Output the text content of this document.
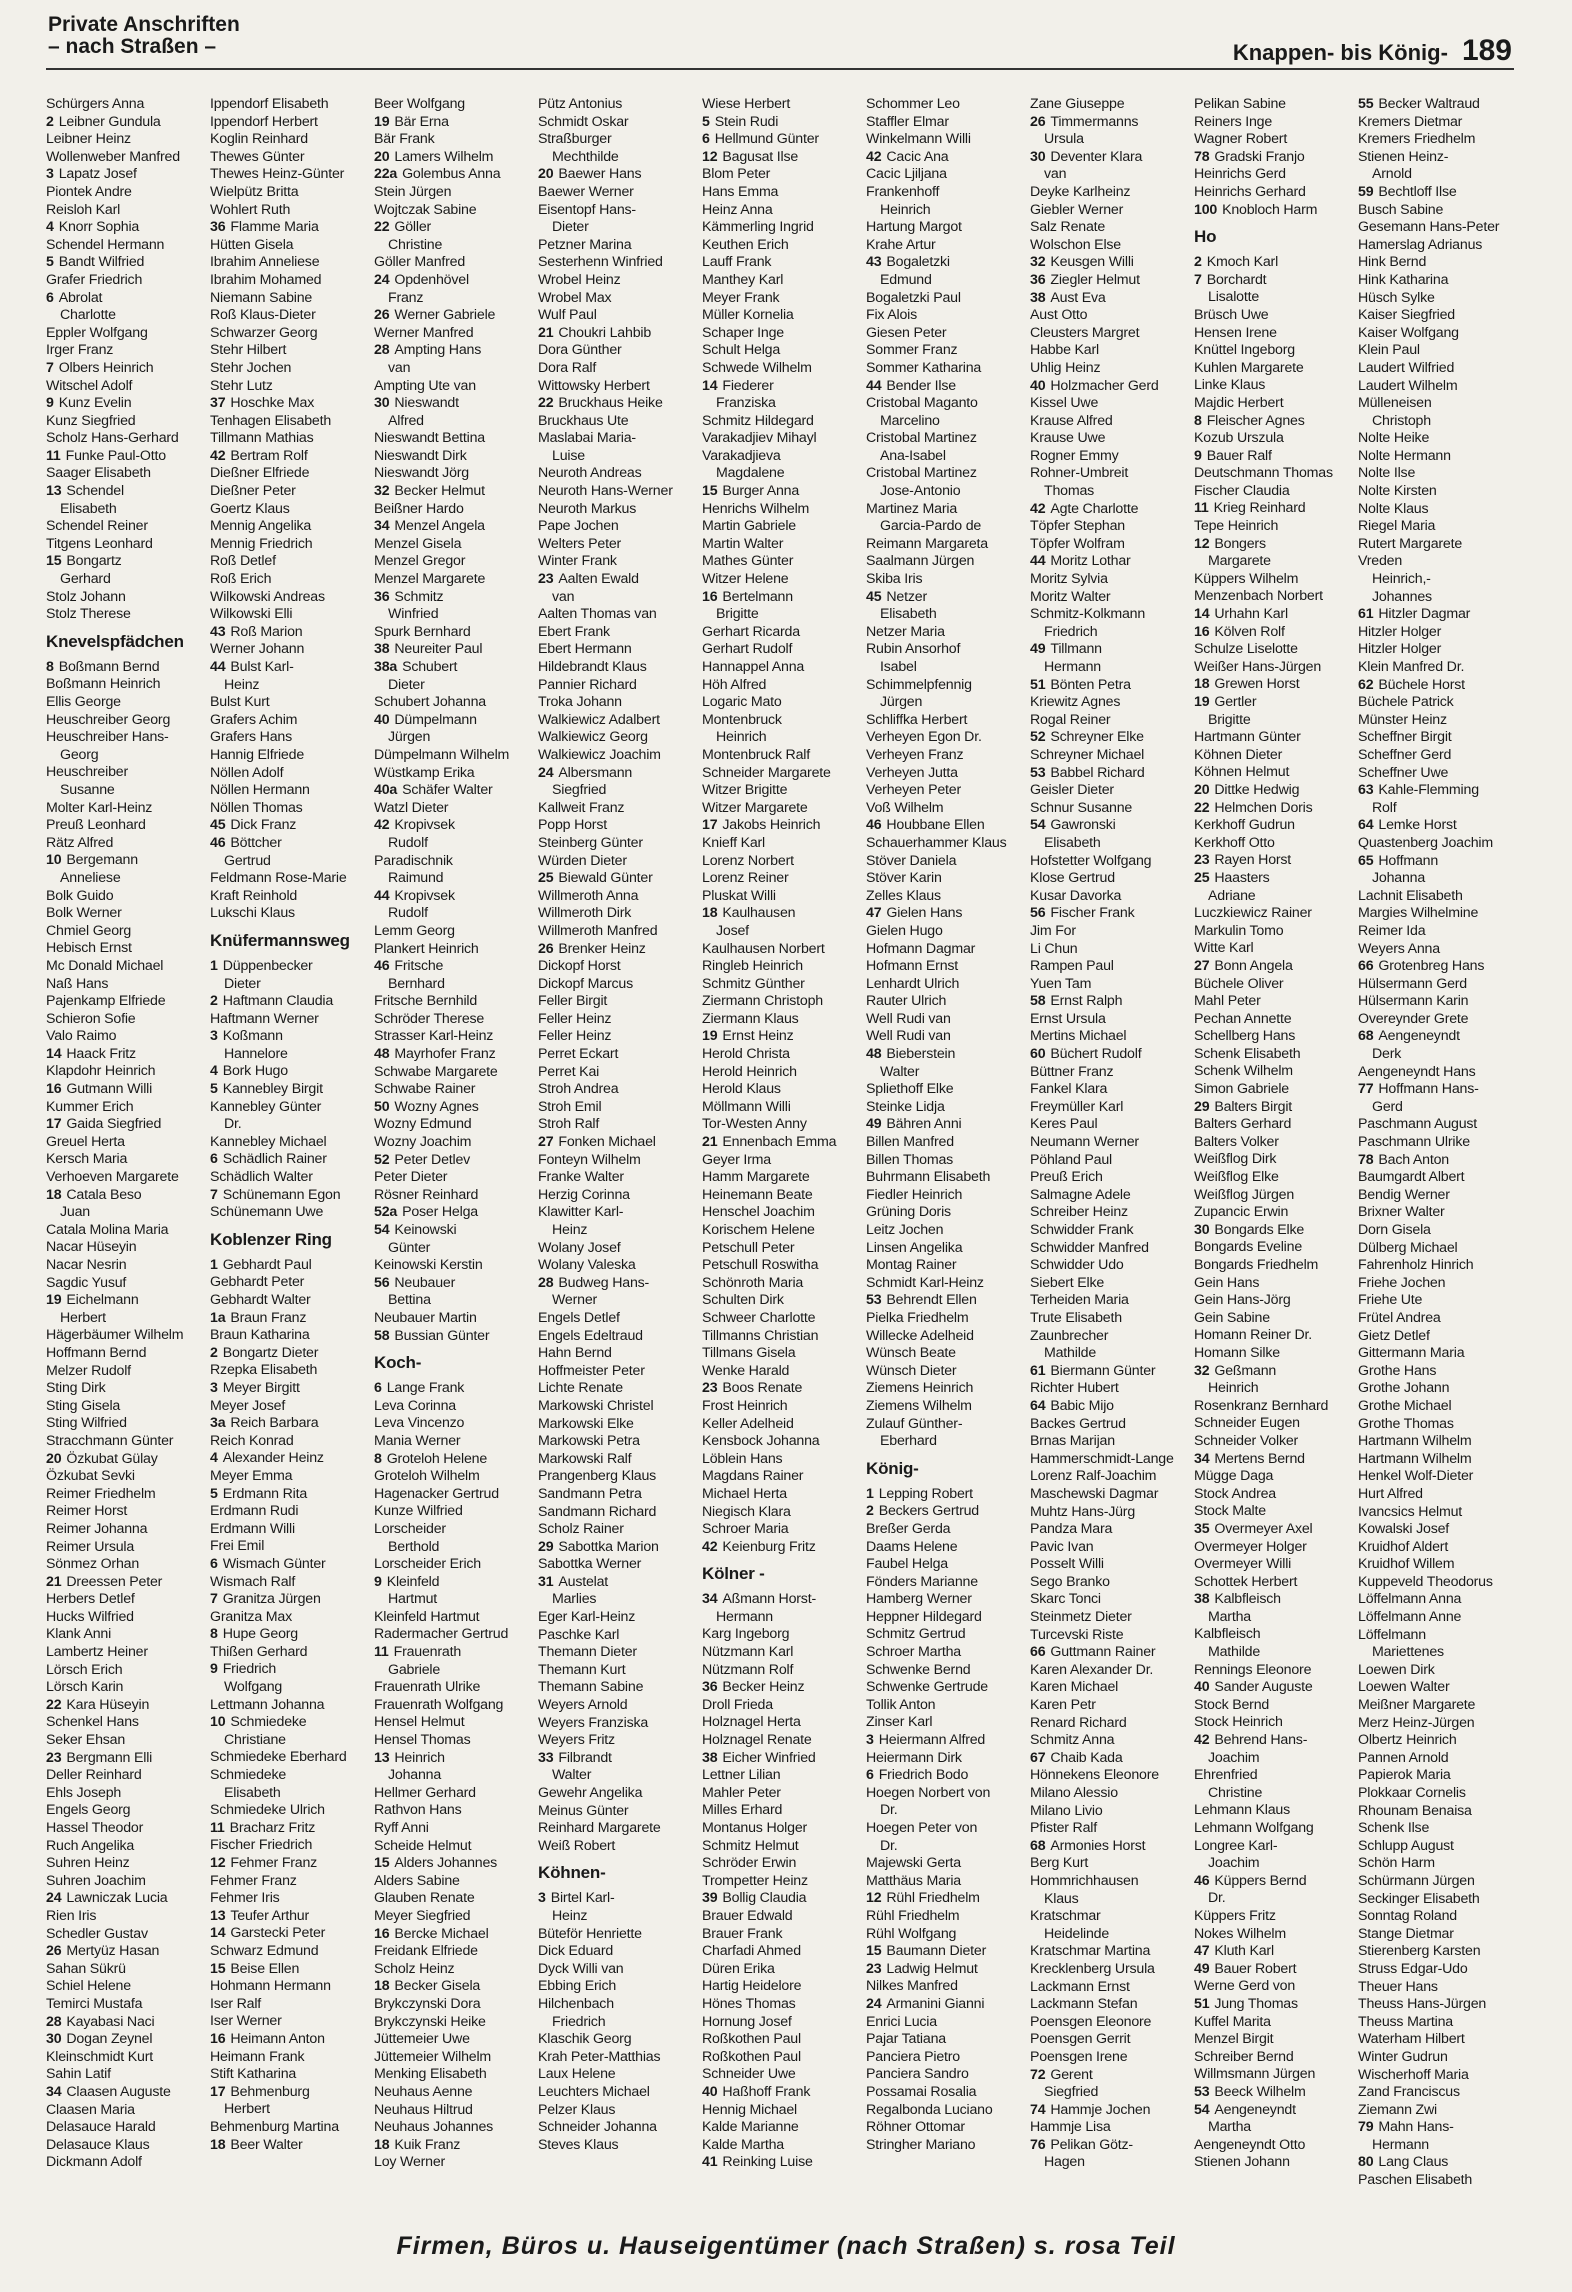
Private Anschriften
– nach Straßen –	Knappen- bis König- 189
Schürgers Anna
2 Leibner Gundula
Leibner Heinz
Wollenweber Manfred
3 Lapatz Josef
Piontek Andre
Reisloh Karl
4 Knorr Sophia
Schendel Hermann
5 Bandt Wilfried
Grafer Friedrich
6 Abrolat
Charlotte
Eppler Wolfgang
Irger Franz
7 Olbers Heinrich
Witschel Adolf
9 Kunz Evelin
Kunz Siegfried
Scholz Hans-Gerhard
11 Funke Paul-Otto
Saager Elisabeth
13 Schendel
Elisabeth
Schendel Reiner
Titgens Leonhard
15 Bongartz
Gerhard
Stolz Johann
Stolz Therese
Knevelspfädchen
8 Boßmann Bernd
Boßmann Heinrich
Ellis George
Heuschreiber Georg
Heuschreiber Hans-
Georg
Heuschreiber
Susanne
Molter Karl-Heinz
Preuß Leonhard
Rätz Alfred
10 Bergemann
Anneliese
Bolk Guido
Bolk Werner
Chmiel Georg
Hebisch Ernst
Mc Donald Michael
Naß Hans
Pajenkamp Elfriede
Schieron Sofie
Valo Raimo
14 Haack Fritz
Klapdohr Heinrich
16 Gutmann Willi
Kummer Erich
17 Gaida Siegfried
Greuel Herta
Kersch Maria
Verhoeven Margarete
18 Catala Beso
Juan
Catala Molina Maria
Nacar Hüseyin
Nacar Nesrin
Sagdic Yusuf
19 Eichelmann
Herbert
Hägerbäumer Wilhelm
Hoffmann Bernd
Melzer Rudolf
Sting Dirk
Sting Gisela
Sting Wilfried
Stracchmann Günter
20 Özkubat Gülay
Özkubat Sevki
Reimer Friedhelm
Reimer Horst
Reimer Johanna
Reimer Ursula
Sönmez Orhan
21 Dreessen Peter
Herbers Detlef
Hucks Wilfried
Klank Anni
Lambertz Heiner
Lörsch Erich
Lörsch Karin
22 Kara Hüseyin
Schenkel Hans
Seker Ehsan
23 Bergmann Elli
Deller Reinhard
Ehls Joseph
Engels Georg
Hassel Theodor
Ruch Angelika
Suhren Heinz
Suhren Joachim
24 Lawniczak Lucia
Rien Iris
Schedler Gustav
26 Mertyüz Hasan
Sahan Sükrü
Schiel Helene
Temirci Mustafa
28 Kayabasi Naci
30 Dogan Zeynel
Kleinschmidt Kurt
Sahin Latif
34 Claasen Auguste
Claasen Maria
Delasauce Harald
Delasauce Klaus
Dickmann Adolf
Ippendorf Elisabeth
Ippendorf Herbert
Koglin Reinhard
Thewes Günter
Thewes Heinz-Günter
Wielpütz Britta
Wohlert Ruth
36 Flamme Maria
Hütten Gisela
Ibrahim Anneliese
Ibrahim Mohamed
Niemann Sabine
Roß Klaus-Dieter
Schwarzer Georg
Stehr Hilbert
Stehr Jochen
Stehr Lutz
37 Hoschke Max
Tenhagen Elisabeth
Tillmann Mathias
42 Bertram Rolf
Dießner Elfriede
Dießner Peter
Goertz Klaus
Mennig Angelika
Mennig Friedrich
Roß Detlef
Roß Erich
Wilkowski Andreas
Wilkowski Elli
43 Roß Marion
Werner Johann
44 Bulst Karl-
Heinz
Bulst Kurt
Grafers Achim
Grafers Hans
Hannig Elfriede
Nöllen Adolf
Nöllen Hermann
Nöllen Thomas
45 Dick Franz
46 Böttcher
Gertrud
Feldmann Rose-Marie
Kraft Reinhold
Lukschi Klaus
Knüfermannsweg
1 Düppenbecker
Dieter
2 Haftmann Claudia
Haftmann Werner
3 Koßmann
Hannelore
4 Bork Hugo
5 Kannebley Birgit
Kannebley Günter
Dr.
Kannebley Michael
6 Schädlich Rainer
Schädlich Walter
7 Schünemann Egon
Schünemann Uwe
Koblenzer Ring
1 Gebhardt Paul
Gebhardt Peter
Gebhardt Walter
1a Braun Franz
Braun Katharina
2 Bongartz Dieter
Rzepka Elisabeth
3 Meyer Birgitt
Meyer Josef
3a Reich Barbara
Reich Konrad
4 Alexander Heinz
Meyer Emma
5 Erdmann Rita
Erdmann Rudi
Erdmann Willi
Frei Emil
6 Wismach Günter
Wismach Ralf
7 Granitza Jürgen
Granitza Max
8 Hupe Georg
Thißen Gerhard
9 Friedrich
Wolfgang
Lettmann Johanna
10 Schmiedeke
Christiane
Schmiedeke Eberhard
Schmiedeke
Elisabeth
Schmiedeke Ulrich
11 Bracharz Fritz
Fischer Friedrich
12 Fehmer Franz
Fehmer Franz
Fehmer Iris
13 Teufer Arthur
14 Garstecki Peter
Schwarz Edmund
15 Beise Ellen
Hohmann Hermann
Iser Ralf
Iser Werner
16 Heimann Anton
Heimann Frank
Stift Katharina
17 Behmenburg
Herbert
Behmenburg Martina
18 Beer Walter
Beer Wolfgang
19 Bär Erna
Bär Frank
20 Lamers Wilhelm
22a Golembus Anna
Stein Jürgen
Wojtczak Sabine
22 Göller
Christine
Göller Manfred
24 Opdenhövel
Franz
26 Werner Gabriele
Werner Manfred
28 Ampting Hans
van
Ampting Ute van
30 Nieswandt
Alfred
Nieswandt Bettina
Nieswandt Dirk
Nieswandt Jörg
32 Becker Helmut
Beißner Hardo
34 Menzel Angela
Menzel Gisela
Menzel Gregor
Menzel Margarete
36 Schmitz
Winfried
Spurk Bernhard
38 Neureiter Paul
38a Schubert
Dieter
Schubert Johanna
40 Dümpelmann
Jürgen
Dümpelmann Wilhelm
Wüstkamp Erika
40a Schäfer Walter
Watzl Dieter
42 Kropivsek
Rudolf
Paradischnik
Raimund
44 Kropivsek
Rudolf
Lemm Georg
Plankert Heinrich
46 Fritsche
Bernhard
Fritsche Bernhild
Schröder Therese
Strasser Karl-Heinz
48 Mayrhofer Franz
Schwabe Margarete
Schwabe Rainer
50 Wozny Agnes
Wozny Edmund
Wozny Joachim
52 Peter Detlev
Peter Dieter
Rösner Reinhard
52a Poser Helga
54 Keinowski
Günter
Keinowski Kerstin
56 Neubauer
Bettina
Neubauer Martin
58 Bussian Günter
Koch-
6 Lange Frank
Leva Corinna
Leva Vincenzo
Mania Werner
8 Groteloh Helene
Groteloh Wilhelm
Hagenacker Gertrud
Kunze Wilfried
Lorscheider
Berthold
Lorscheider Erich
9 Kleinfeld
Hartmut
Kleinfeld Hartmut
Radermacher Gertrud
11 Frauenrath
Gabriele
Frauenrath Ulrike
Frauenrath Wolfgang
Hensel Helmut
Hensel Thomas
13 Heinrich
Johanna
Hellmer Gerhard
Rathvon Hans
Ryff Anni
Scheide Helmut
15 Alders Johannes
Alders Sabine
Glauben Renate
Meyer Siegfried
16 Bercke Michael
Freidank Elfriede
Scholz Heinz
18 Becker Gisela
Brykczynski Dora
Brykczynski Heike
Jüttemeier Uwe
Jüttemeier Wilhelm
Menking Elisabeth
Neuhaus Aenne
Neuhaus Hiltrud
Neuhaus Johannes
18 Kuik Franz
Loy Werner
Pütz Antonius
Schmidt Oskar
Straßburger
Mechthilde
20 Baewer Hans
Baewer Werner
Eisentopf Hans-
Dieter
Petzner Marina
Sesterhenn Winfried
Wrobel Heinz
Wrobel Max
Wulf Paul
21 Choukri Lahbib
Dora Günther
Dora Ralf
Wittowsky Herbert
22 Bruckhaus Heike
Bruckhaus Ute
Maslabai Maria-
Luise
Neuroth Andreas
Neuroth Hans-Werner
Neuroth Markus
Pape Jochen
Welters Peter
Winter Frank
23 Aalten Ewald
van
Aalten Thomas van
Ebert Frank
Ebert Hermann
Hildebrandt Klaus
Pannier Richard
Troka Johann
Walkiewicz Adalbert
Walkiewicz Georg
Walkiewicz Joachim
24 Albersmann
Siegfried
Kallweit Franz
Popp Horst
Steinberg Günter
Würden Dieter
25 Biewald Günter
Willmeroth Anna
Willmeroth Dirk
Willmeroth Manfred
26 Brenker Heinz
Dickopf Horst
Dickopf Marcus
Feller Birgit
Feller Heinz
Feller Heinz
Perret Eckart
Perret Kai
Stroh Andrea
Stroh Emil
Stroh Ralf
27 Fonken Michael
Fonteyn Wilhelm
Franke Walter
Herzig Corinna
Klawitter Karl-
Heinz
Wolany Josef
Wolany Valeska
28 Budweg Hans-
Werner
Engels Detlef
Engels Edeltraud
Hahn Bernd
Hoffmeister Peter
Lichte Renate
Markowski Christel
Markowski Elke
Markowski Petra
Markowski Ralf
Prangenberg Klaus
Sandmann Petra
Sandmann Richard
Scholz Rainer
29 Sabottka Marion
Sabottka Werner
31 Austelat
Marlies
Eger Karl-Heinz
Paschke Karl
Themann Dieter
Themann Kurt
Themann Sabine
Weyers Arnold
Weyers Franziska
Weyers Fritz
33 Filbrandt
Walter
Gewehr Angelika
Meinus Günter
Reinhard Margarete
Weiß Robert
Köhnen-
3 Birtel Karl-
Heinz
Büteför Henriette
Dick Eduard
Dyck Willi van
Ebbing Erich
Hilchenbach
Friedrich
Klaschik Georg
Krah Peter-Matthias
Laux Helene
Leuchters Michael
Pelzer Klaus
Schneider Johanna
Steves Klaus
Wiese Herbert
5 Stein Rudi
6 Hellmund Günter
12 Bagusat Ilse
Blom Peter
Hans Emma
Heinz Anna
Kämmerling Ingrid
Keuthen Erich
Lauff Frank
Manthey Karl
Meyer Frank
Müller Kornelia
Schaper Inge
Schult Helga
Schwede Wilhelm
14 Fiederer
Franziska
Schmitz Hildegard
Varakadjiev Mihayl
Varakadjieva
Magdalene
15 Burger Anna
Henrichs Wilhelm
Martin Gabriele
Martin Walter
Mathes Günter
Witzer Helene
16 Bertelmann
Brigitte
Gerhart Ricarda
Gerhart Rudolf
Hannappel Anna
Höh Alfred
Logaric Mato
Montenbruck
Heinrich
Montenbruck Ralf
Schneider Margarete
Witzer Brigitte
Witzer Margarete
17 Jakobs Heinrich
Knieff Karl
Lorenz Norbert
Lorenz Reiner
Pluskat Willi
18 Kaulhausen
Josef
Kaulhausen Norbert
Ringleb Heinrich
Schmitz Günther
Ziermann Christoph
Ziermann Klaus
19 Ernst Heinz
Herold Christa
Herold Heinrich
Herold Klaus
Möllmann Willi
Tor-Westen Anny
21 Ennenbach Emma
Geyer Irma
Hamm Margarete
Heinemann Beate
Henschel Joachim
Korischem Helene
Petschull Peter
Petschull Roswitha
Schönroth Maria
Schulten Dirk
Schweer Charlotte
Tillmanns Christian
Tillmans Gisela
Wenke Harald
23 Boos Renate
Frost Heinrich
Keller Adelheid
Kensbock Johanna
Löblein Hans
Magdans Rainer
Michael Herta
Niegisch Klara
Schroer Maria
42 Keienburg Fritz
Kölner -
34 Aßmann Horst-
Hermann
Karg Ingeborg
Nützmann Karl
Nützmann Rolf
36 Becker Heinz
Droll Frieda
Holznagel Herta
Holznagel Renate
38 Eicher Winfried
Lettner Lilian
Mahler Peter
Milles Erhard
Montanus Holger
Schmitz Helmut
Schröder Erwin
Trompetter Heinz
39 Bollig Claudia
Brauer Edwald
Brauer Frank
Charfadi Ahmed
Düren Erika
Hartig Heidelore
Hönes Thomas
Hornung Josef
Roßkothen Paul
Roßkothen Paul
Schneider Uwe
40 Haßhoff Frank
Hennig Michael
Kalde Marianne
Kalde Martha
41 Reinking Luise
Schommer Leo
Staffler Elmar
Winkelmann Willi
42 Cacic Ana
Cacic Ljiljana
Frankenhoff
Heinrich
Hartung Margot
Krahe Artur
43 Bogaletzki
Edmund
Bogaletzki Paul
Fix Alois
Giesen Peter
Sommer Franz
Sommer Katharina
44 Bender Ilse
Cristobal Maganto
Marcelino
Cristobal Martinez
Ana-Isabel
Cristobal Martinez
Jose-Antonio
Martinez Maria
Garcia-Pardo de
Reimann Margareta
Saalmann Jürgen
Skiba Iris
45 Netzer
Elisabeth
Netzer Maria
Rubin Ansorhof
Isabel
Schimmelpfennig
Jürgen
Schliffka Herbert
Verheyen Egon Dr.
Verheyen Franz
Verheyen Jutta
Verheyen Peter
Voß Wilhelm
46 Houbbane Ellen
Schauerhammer Klaus
Stöver Daniela
Stöver Karin
Zelles Klaus
47 Gielen Hans
Gielen Hugo
Hofmann Dagmar
Hofmann Ernst
Lenhardt Ulrich
Rauter Ulrich
Well Rudi van
Well Rudi van
48 Bieberstein
Walter
Spliethoff Elke
Steinke Lidja
49 Bähren Anni
Billen Manfred
Billen Thomas
Buhrmann Elisabeth
Fiedler Heinrich
Grüning Doris
Leitz Jochen
Linsen Angelika
Montag Rainer
Schmidt Karl-Heinz
53 Behrendt Ellen
Pielka Friedhelm
Willecke Adelheid
Wünsch Beate
Wünsch Dieter
Ziemens Heinrich
Ziemens Wilhelm
Zulauf Günther-
Eberhard
König-
1 Lepping Robert
2 Beckers Gertrud
Breßer Gerda
Daams Helene
Faubel Helga
Fönders Marianne
Hamberg Werner
Heppner Hildegard
Schmitz Gertrud
Schroer Martha
Schwenke Bernd
Schwenke Gertrude
Tollik Anton
Zinser Karl
3 Heiermann Alfred
Heiermann Dirk
6 Friedrich Bodo
Hoegen Norbert von
Dr.
Hoegen Peter von
Dr.
Majewski Gerta
Matthäus Maria
12 Rühl Friedhelm
Rühl Friedhelm
Rühl Wolfgang
15 Baumann Dieter
23 Ladwig Helmut
Nilkes Manfred
24 Armanini Gianni
Enrici Lucia
Pajar Tatiana
Panciera Pietro
Panciera Sandro
Possamai Rosalia
Regalbonda Luciano
Röhner Ottomar
Stringher Mariano
Zane Giuseppe
26 Timmermanns
Ursula
30 Deventer Klara
van
Deyke Karlheinz
Giebler Werner
Salz Renate
Wolschon Else
32 Keusgen Willi
36 Ziegler Helmut
38 Aust Eva
Aust Otto
Cleusters Margret
Habbe Karl
Uhlig Heinz
40 Holzmacher Gerd
Kissel Uwe
Krause Alfred
Krause Uwe
Rogner Emmy
Rohner-Umbreit
Thomas
42 Agte Charlotte
Töpfer Stephan
Töpfer Wolfram
44 Moritz Lothar
Moritz Sylvia
Moritz Walter
Schmitz-Kolkmann
Friedrich
49 Tillmann
Hermann
51 Bönten Petra
Kriewitz Agnes
Rogal Reiner
52 Schreyner Elke
Schreyner Michael
53 Babbel Richard
Geisler Dieter
Schnur Susanne
54 Gawronski
Elisabeth
Hofstetter Wolfgang
Klose Gertrud
Kusar Davorka
56 Fischer Frank
Jim For
Li Chun
Rampen Paul
Yuen Tam
58 Ernst Ralph
Ernst Ursula
Mertins Michael
60 Büchert Rudolf
Büttner Franz
Fankel Klara
Freymüller Karl
Keres Paul
Neumann Werner
Pöhland Paul
Preuß Erich
Salmagne Adele
Schreiber Heinz
Schwidder Frank
Schwidder Manfred
Schwidder Udo
Siebert Elke
Terheiden Maria
Trute Elisabeth
Zaunbrecher
Mathilde
61 Biermann Günter
Richter Hubert
64 Babic Mijo
Backes Gertrud
Brnas Marijan
Hammerschmidt-Lange
Lorenz Ralf-Joachim
Maschewski Dagmar
Muhtz Hans-Jürg
Pandza Mara
Pavic Ivan
Posselt Willi
Sego Branko
Skarc Tonci
Steinmetz Dieter
Turcevski Riste
66 Guttmann Rainer
Karen Alexander Dr.
Karen Michael
Karen Petr
Renard Richard
Schmitz Anna
67 Chaib Kada
Hönnekens Eleonore
Milano Alessio
Milano Livio
Pfister Ralf
68 Armonies Horst
Berg Kurt
Hommrichhausen
Klaus
Kratschmar
Heidelinde
Kratschmar Martina
Krecklenberg Ursula
Lackmann Ernst
Lackmann Stefan
Poensgen Eleonore
Poensgen Gerrit
Poensgen Irene
72 Gerent
Siegfried
74 Hammje Jochen
Hammje Lisa
76 Pelikan Götz-
Hagen
Pelikan Sabine
Reiners Inge
Wagner Robert
78 Gradski Franjo
Heinrichs Gerd
Heinrichs Gerhard
100 Knobloch Harm
Ho
2 Kmoch Karl
7 Borchardt
Lisalotte
Brüsch Uwe
Hensen Irene
Knüttel Ingeborg
Kuhlen Margarete
Linke Klaus
Majdic Herbert
8 Fleischer Agnes
Kozub Urszula
9 Bauer Ralf
Deutschmann Thomas
Fischer Claudia
11 Krieg Reinhard
Tepe Heinrich
12 Bongers
Margarete
Küppers Wilhelm
Menzenbach Norbert
14 Urhahn Karl
16 Kölven Rolf
Schulze Liselotte
Weißer Hans-Jürgen
18 Grewen Horst
19 Gertler
Brigitte
Hartmann Günter
Köhnen Dieter
Köhnen Helmut
20 Dittke Hedwig
22 Helmchen Doris
Kerkhoff Gudrun
Kerkhoff Otto
23 Rayen Horst
25 Haasters
Adriane
Luczkiewicz Rainer
Markulin Tomo
Witte Karl
27 Bonn Angela
Büchele Oliver
Mahl Peter
Pechan Annette
Schellberg Hans
Schenk Elisabeth
Schenk Wilhelm
Simon Gabriele
29 Balters Birgit
Balters Gerhard
Balters Volker
Weißflog Dirk
Weißflog Elke
Weißflog Jürgen
Zupancic Erwin
30 Bongards Elke
Bongards Eveline
Bongards Friedhelm
Gein Hans
Gein Hans-Jörg
Gein Sabine
Homann Reiner Dr.
Homann Silke
32 Geßmann
Heinrich
Rosenkranz Bernhard
Schneider Eugen
Schneider Volker
34 Mertens Bernd
Mügge Daga
Stock Andrea
Stock Malte
35 Overmeyer Axel
Overmeyer Holger
Overmeyer Willi
Schottek Herbert
38 Kalbfleisch
Martha
Kalbfleisch
Mathilde
Rennings Eleonore
40 Sander Auguste
Stock Bernd
Stock Heinrich
42 Behrend Hans-
Joachim
Ehrenfried
Christine
Lehmann Klaus
Lehmann Wolfgang
Longree Karl-
Joachim
46 Küppers Bernd
Dr.
Küppers Fritz
Nokes Wilhelm
47 Kluth Karl
49 Bauer Robert
Werne Gerd von
51 Jung Thomas
Kuffel Marita
Menzel Birgit
Schreiber Bernd
Willmsmann Jürgen
53 Beeck Wilhelm
54 Aengeneyndt
Martha
Aengeneyndt Otto
Stienen Johann
55 Becker Waltraud
Kremers Dietmar
Kremers Friedhelm
Stienen Heinz-
Arnold
59 Bechtloff Ilse
Busch Sabine
Gesemann Hans-Peter
Hamerslag Adrianus
Hink Bernd
Hink Katharina
Hüsch Sylke
Kaiser Siegfried
Kaiser Wolfgang
Klein Paul
Laudert Wilfried
Laudert Wilhelm
Mülleneisen
Christoph
Nolte Heike
Nolte Hermann
Nolte Ilse
Nolte Kirsten
Nolte Klaus
Riegel Maria
Rutert Margarete
Vreden
Heinrich,-
Johannes
61 Hitzler Dagmar
Hitzler Holger
Hitzler Holger
Klein Manfred Dr.
62 Büchele Horst
Büchele Patrick
Münster Heinz
Scheffner Birgit
Scheffner Gerd
Scheffner Uwe
63 Kahle-Flemming
Rolf
64 Lemke Horst
Quastenberg Joachim
65 Hoffmann
Johanna
Lachnit Elisabeth
Margies Wilhelmine
Reimer Ida
Weyers Anna
66 Grotenbreg Hans
Hülsermann Gerd
Hülsermann Karin
Overeynder Grete
68 Aengeneyndt
Derk
Aengeneyndt Hans
77 Hoffmann Hans-
Gerd
Paschmann August
Paschmann Ulrike
78 Bach Anton
Baumgardt Albert
Bendig Werner
Brixner Walter
Dorn Gisela
Dülberg Michael
Fahrenholz Hinrich
Friehe Jochen
Friehe Ute
Frütel Andrea
Gietz Detlef
Gittermann Maria
Grothe Hans
Grothe Johann
Grothe Michael
Grothe Thomas
Hartmann Wilhelm
Hartmann Wilhelm
Henkel Wolf-Dieter
Hurt Alfred
Ivancsics Helmut
Kowalski Josef
Kruidhof Aldert
Kruidhof Willem
Kuppeveld Theodorus
Löffelmann Anna
Löffelmann Anne
Löffelmann
Mariettenes
Loewen Dirk
Loewen Walter
Meißner Margarete
Merz Heinz-Jürgen
Olbertz Heinrich
Pannen Arnold
Papierok Maria
Plokkaar Cornelis
Rhounam Benaisa
Schenk Ilse
Schlupp August
Schön Harm
Schürmann Jürgen
Seckinger Elisabeth
Sonntag Roland
Stange Dietmar
Stierenberg Karsten
Struss Edgar-Udo
Theuer Hans
Theuss Hans-Jürgen
Theuss Martina
Waterham Hilbert
Winter Gudrun
Wischerhoff Maria
Zand Franciscus
Ziemann Zwi
79 Mahn Hans-
Hermann
80 Lang Claus
Paschen Elisabeth
Firmen, Büros u. Hauseigentümer (nach Straßen) s. rosa Teil
